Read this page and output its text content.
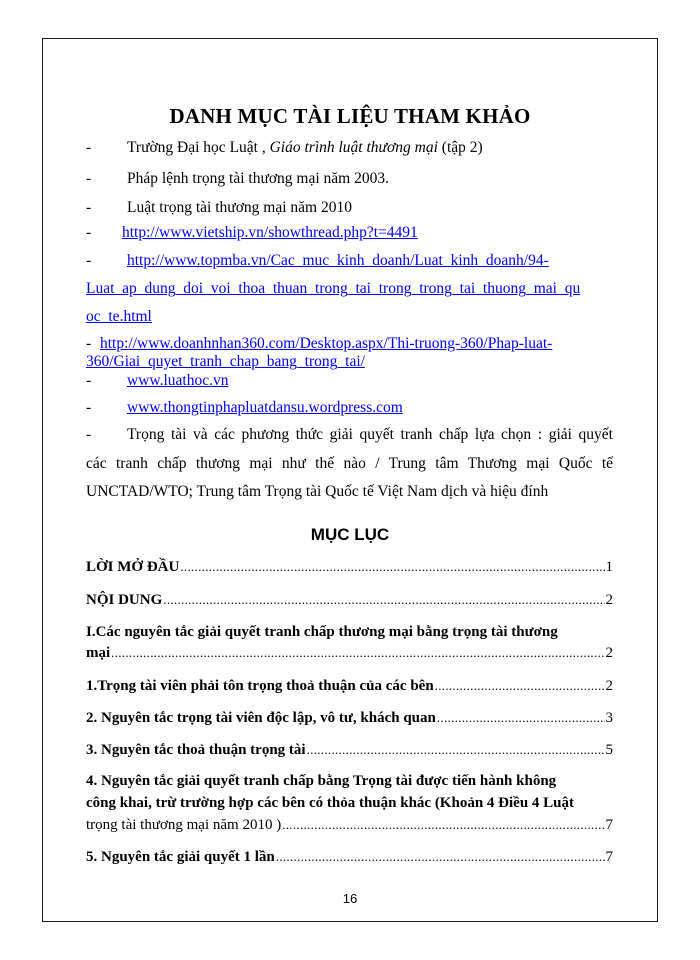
DANH MỤC TÀI LIỆU THAM KHẢO
- Trường Đại học Luật , Giáo trình luật thương mại (tập 2)
- Pháp lệnh trọng tài thương mại năm 2003.
- Luật trọng tài thương mại năm 2010
- http://www.vietship.vn/showthread.php?t=4491
- http://www.topmba.vn/Cac_muc_kinh_doanh/Luat_kinh_doanh/94-
Luat_ap_dung_doi_voi_thoa_thuan_trong_tai_trong_trong_tai_thuong_mai_qu
oc_te.html
- http://www.doanhnhan360.com/Desktop.aspx/Thi-truong-360/Phap-luat-
360/Giai_quyet_tranh_chap_bang_trong_tai/
- www.luathoc.vn
- www.thongtinphapluatdansu.wordpress.com
- Trọng tài và các phương thức giải quyết tranh chấp lựa chọn : giải quyết
các tranh chấp thương mại như thế nào / Trung tâm Thương mại Quốc tế
UNCTAD/WTO; Trung tâm Trọng tài Quốc tế Việt Nam dịch và hiệu đính
MỤC LỤC
LỜI MỞ ĐẦU .....	1
NỘI DUNG .....	2
I.Các nguyên tắc giải quyết tranh chấp thương mại bằng trọng tài thương
mại .....	2
1.Trọng tài viên phải tôn trọng thoả thuận của các bên .....	2
2. Nguyên tắc trọng tài viên độc lập, vô tư, khách quan .....	3
3. Nguyên tắc thoả thuận trọng tài .....	5
4. Nguyên tắc giải quyết tranh chấp bằng Trọng tài được tiến hành không
công khai, trừ trường hợp các bên có thỏa thuận khác (Khoản 4 Điều 4 Luật
trọng tài thương mại năm 2010 ) .....	7
5. Nguyên tắc giải quyết 1 lần .....	7
16
